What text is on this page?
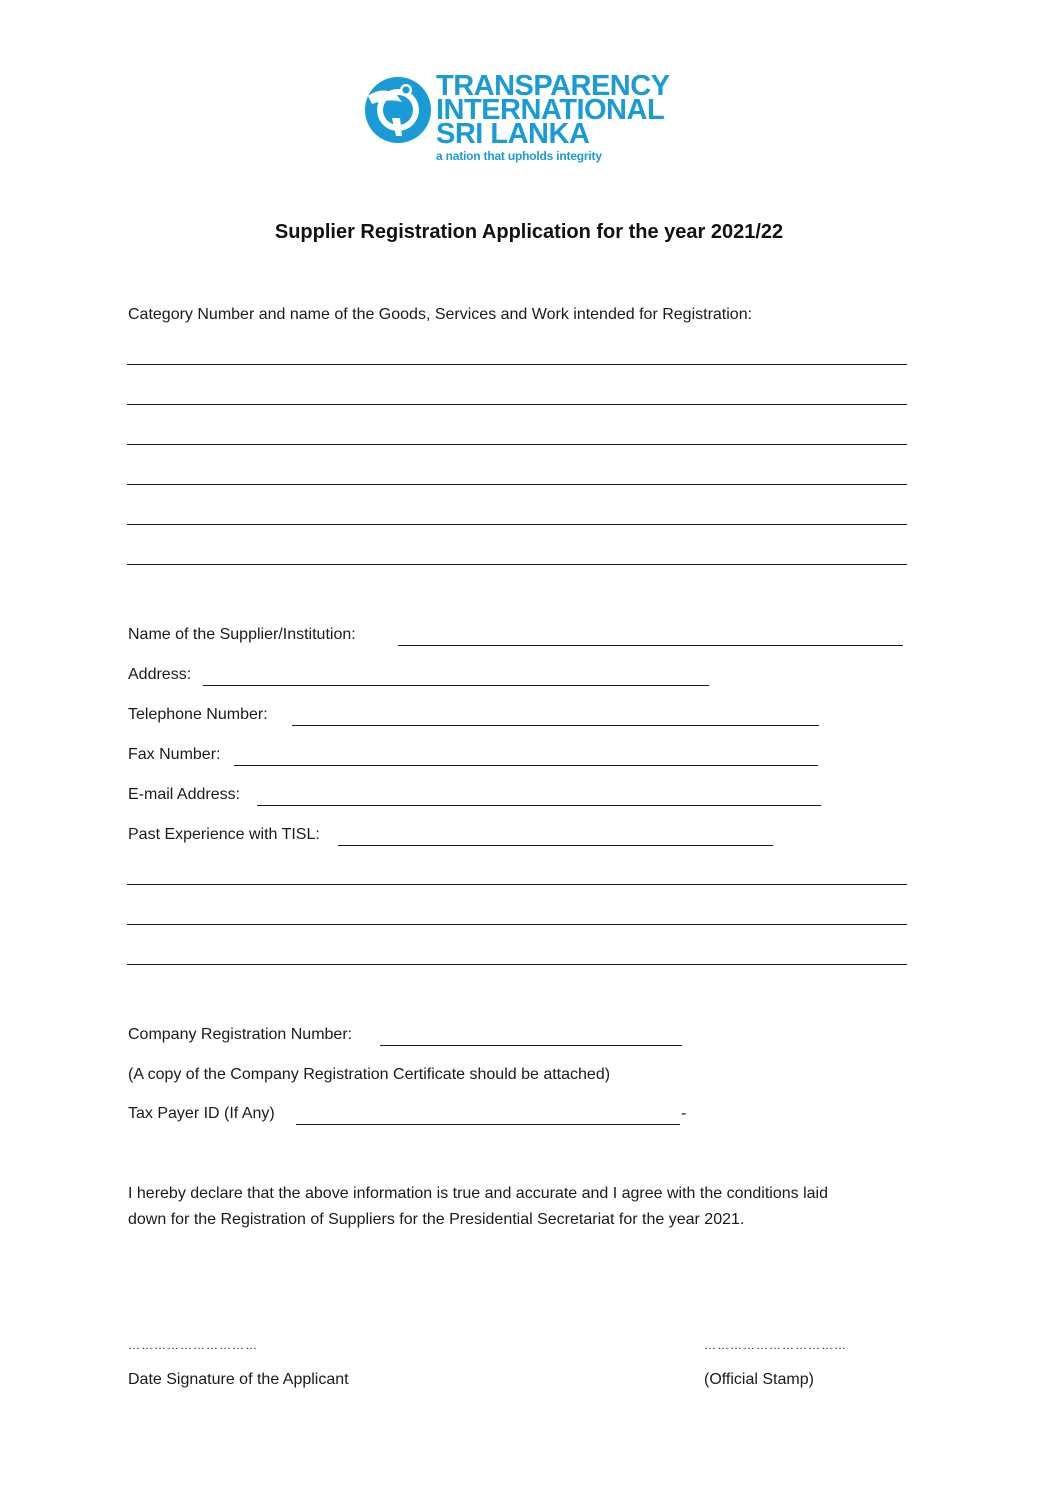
TRANSPARENCY
INTERNATIONAL
SRI LANKA
a nation that upholds integrity
Supplier Registration Application for the year 2021/22
Category Number and name of the Goods, Services and Work intended for Registration:
Name of the Supplier/Institution:
Address:
Telephone Number:
Fax Number:
E-mail Address:
Past Experience with TISL:
Company Registration Number:
(A copy of the Company Registration Certificate should be attached)
Tax Payer ID (If Any)	-
I hereby declare that the above information is true and accurate and I agree with the conditions laid
down for the Registration of Suppliers for the Presidential Secretariat for the year 2021.
…………………………	……………………………
Date Signature of the Applicant	(Official Stamp)
